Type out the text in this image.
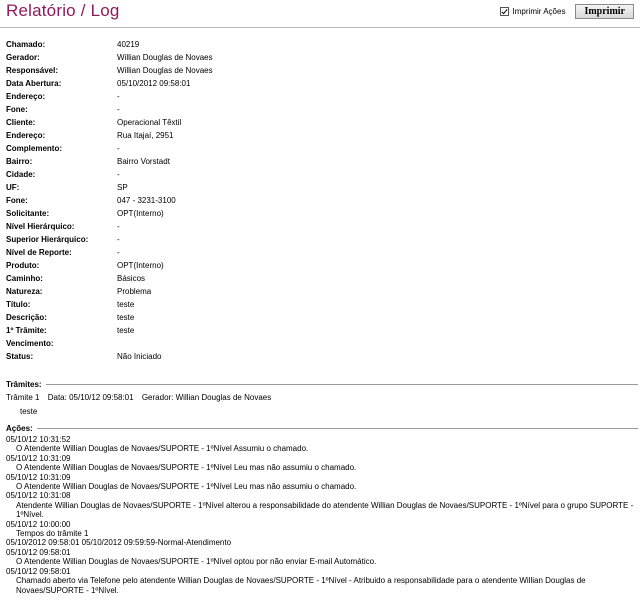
Relatório / Log	Imprimir Ações	Imprimir
Chamado:	40219
Gerador:	Willian Douglas de Novaes
Responsável:	Willian Douglas de Novaes
Data Abertura:	05/10/2012 09:58:01
Endereço:	-
Fone:	-
Cliente:	Operacional Têxtil
Endereço:	Rua Itajaí, 2951
Complemento:	-
Bairro:	Bairro Vorstadt
Cidade:	-
UF:	SP
Fone:	047 - 3231-3100
Solicitante:	OPT(Interno)
Nível Hierárquico:	-
Superior Hierárquico:	-
Nível de Reporte:	-
Produto:	OPT(Interno)
Caminho:	Básicos
Natureza:	Problema
Título:	teste
Descrição:	teste
1º Trâmite:	teste
Vencimento:
Status:	Não Iniciado
Trâmites:
Trâmite 1 Data: 05/10/12 09:58:01 Gerador: Willian Douglas de Novaes
teste
Ações:
05/10/12 10:31:52
O Atendente Willian Douglas de Novaes/SUPORTE - 1ºNível Assumiu o chamado.
05/10/12 10:31:09
O Atendente Willian Douglas de Novaes/SUPORTE - 1ºNível Leu mas não assumiu o chamado.
05/10/12 10:31:09
O Atendente Willian Douglas de Novaes/SUPORTE - 1ºNível Leu mas não assumiu o chamado.
05/10/12 10:31:08
Atendente Willian Douglas de Novaes/SUPORTE - 1ºNível alterou a responsabilidade do atendente Willian Douglas de Novaes/SUPORTE - 1ºNível para o grupo SUPORTE - 1ºNível.
05/10/12 10:00:00
Tempos do trâmite 1
05/10/2012 09:58:01 05/10/2012 09:59:59-Normal-Atendimento
05/10/12 09:58:01
O Atendente Willian Douglas de Novaes/SUPORTE - 1ºNível optou por não enviar E-mail Automático.
05/10/12 09:58:01
Chamado aberto via Telefone pelo atendente Willian Douglas de Novaes/SUPORTE - 1ºNível - Atribuido a responsabilidade para o atendente Willian Douglas de Novaes/SUPORTE - 1ºNível.
